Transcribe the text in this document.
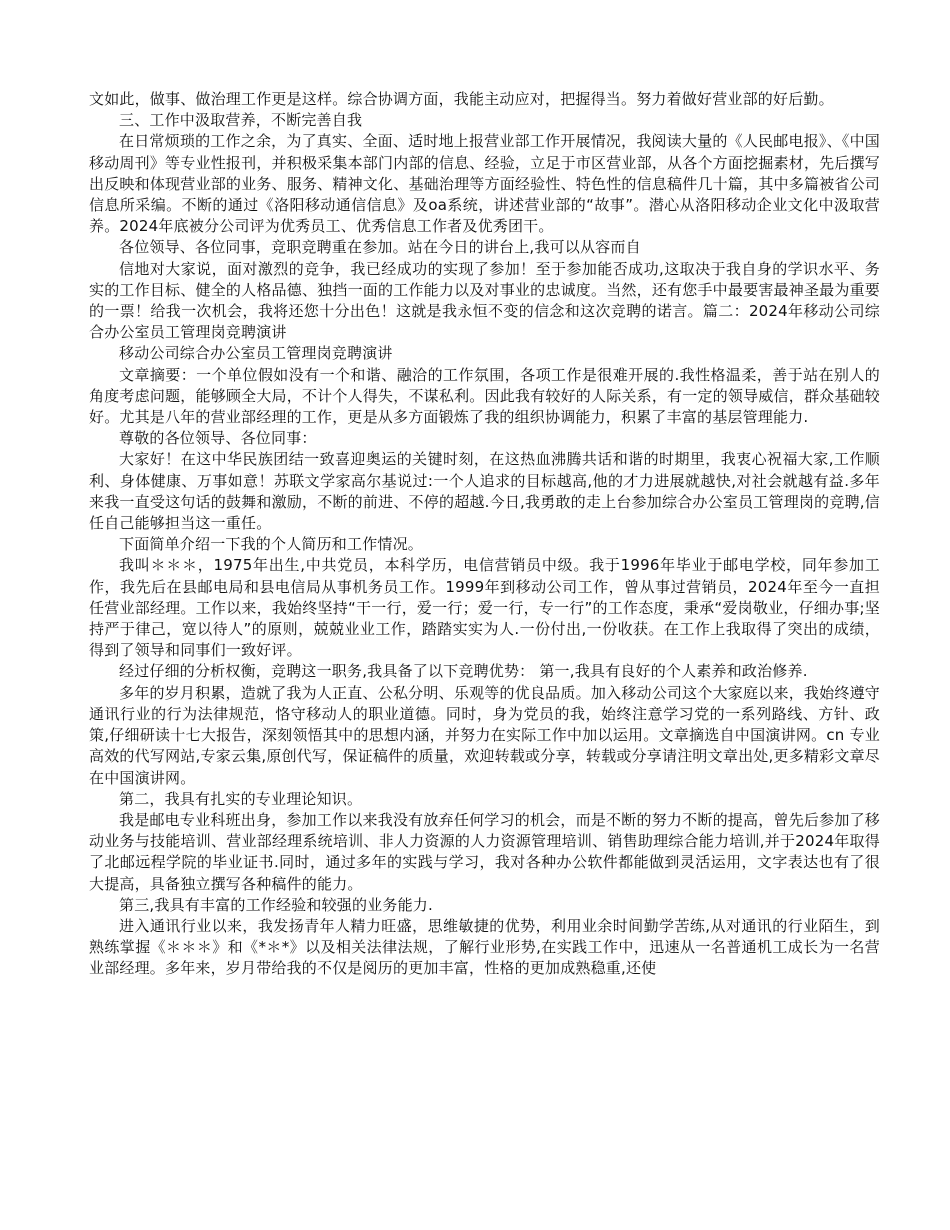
文如此，做事、做治理工作更是这样。综合协调方面，我能主动应对，把握得当。努力着做好营业部的好后勤。

三、工作中汲取营养，不断完善自我

在日常烦琐的工作之余，为了真实、全面、适时地上报营业部工作开展情况，我阅读大量的《人民邮电报》、《中国移动周刊》等专业性报刊，并积极采集本部门内部的信息、经验，立足于市区营业部，从各个方面挖掘素材，先后撰写出反映和体现营业部的业务、服务、精神文化、基础治理等方面经验性、特色性的信息稿件几十篇，其中多篇被省公司信息所采编。不断的通过《洛阳移动通信信息》及oa系统，讲述营业部的“故事”。潜心从洛阳移动企业文化中汲取营养。2024年底被分公司评为优秀员工、优秀信息工作者及优秀团干。

各位领导、各位同事，竞职竞聘重在参加。站在今日的讲台上,我可以从容而自

信地对大家说，面对激烈的竞争，我已经成功的实现了参加！至于参加能否成功,这取决于我自身的学识水平、务实的工作目标、健全的人格品德、独挡一面的工作能力以及对事业的忠诚度。当然，还有您手中最要害最神圣最为重要的一票！给我一次机会，我将还您十分出色！这就是我永恒不变的信念和这次竞聘的诺言。篇二：2024年移动公司综合办公室员工管理岗竞聘演讲

移动公司综合办公室员工管理岗竞聘演讲

文章摘要：一个单位假如没有一个和谐、融洽的工作氛围，各项工作是很难开展的.我性格温柔，善于站在别人的角度考虑问题，能够顾全大局，不计个人得失，不谋私利。因此我有较好的人际关系，有一定的领导威信，群众基础较好。尤其是八年的营业部经理的工作，更是从多方面锻炼了我的组织协调能力，积累了丰富的基层管理能力.

尊敬的各位领导、各位同事：

大家好！在这中华民族团结一致喜迎奥运的关键时刻，在这热血沸腾共话和谐的时期里，我衷心祝福大家,工作顺利、身体健康、万事如意！苏联文学家高尔基说过:一个人追求的目标越高,他的才力进展就越快,对社会就越有益.多年来我一直受这句话的鼓舞和激励，不断的前进、不停的超越.今日,我勇敢的走上台参加综合办公室员工管理岗的竞聘,信任自己能够担当这一重任。

下面简单介绍一下我的个人简历和工作情况。

我叫＊＊＊，1975年出生,中共党员，本科学历，电信营销员中级。我于1996年毕业于邮电学校，同年参加工作，我先后在县邮电局和县电信局从事机务员工作。1999年到移动公司工作，曾从事过营销员，2024年至今一直担任营业部经理。工作以来，我始终坚持“干一行，爱一行；爱一行，专一行”的工作态度，秉承“爱岗敬业，仔细办事;坚持严于律己，宽以待人”的原则，兢兢业业工作，踏踏实实为人.一份付出,一份收获。在工作上我取得了突出的成绩，得到了领导和同事们一致好评。

经过仔细的分析权衡，竞聘这一职务,我具备了以下竞聘优势： 第一,我具有良好的个人素养和政治修养.

多年的岁月积累，造就了我为人正直、公私分明、乐观等的优良品质。加入移动公司这个大家庭以来，我始终遵守通讯行业的行为法律规范，恪守移动人的职业道德。同时，身为党员的我，始终注意学习党的一系列路线、方针、政策,仔细研读十七大报告，深刻领悟其中的思想内涵，并努力在实际工作中加以运用。文章摘选自中国演讲网。cn 专业高效的代写网站,专家云集,原创代写，保证稿件的质量，欢迎转载或分享，转载或分享请注明文章出处,更多精彩文章尽在中国演讲网。

第二，我具有扎实的专业理论知识。

我是邮电专业科班出身，参加工作以来我没有放弃任何学习的机会，而是不断的努力不断的提高，曾先后参加了移动业务与技能培训、营业部经理系统培训、非人力资源的人力资源管理培训、销售助理综合能力培训,并于2024年取得了北邮远程学院的毕业证书.同时，通过多年的实践与学习，我对各种办公软件都能做到灵活运用，文字表达也有了很大提高，具备独立撰写各种稿件的能力。

第三,我具有丰富的工作经验和较强的业务能力.

进入通讯行业以来，我发扬青年人精力旺盛，思维敏捷的优势，利用业余时间勤学苦练,从对通讯的行业陌生，到熟练掌握《＊＊＊》和《*＊*》以及相关法律法规，了解行业形势,在实践工作中，迅速从一名普通机工成长为一名营业部经理。多年来，岁月带给我的不仅是阅历的更加丰富，性格的更加成熟稳重,还使
